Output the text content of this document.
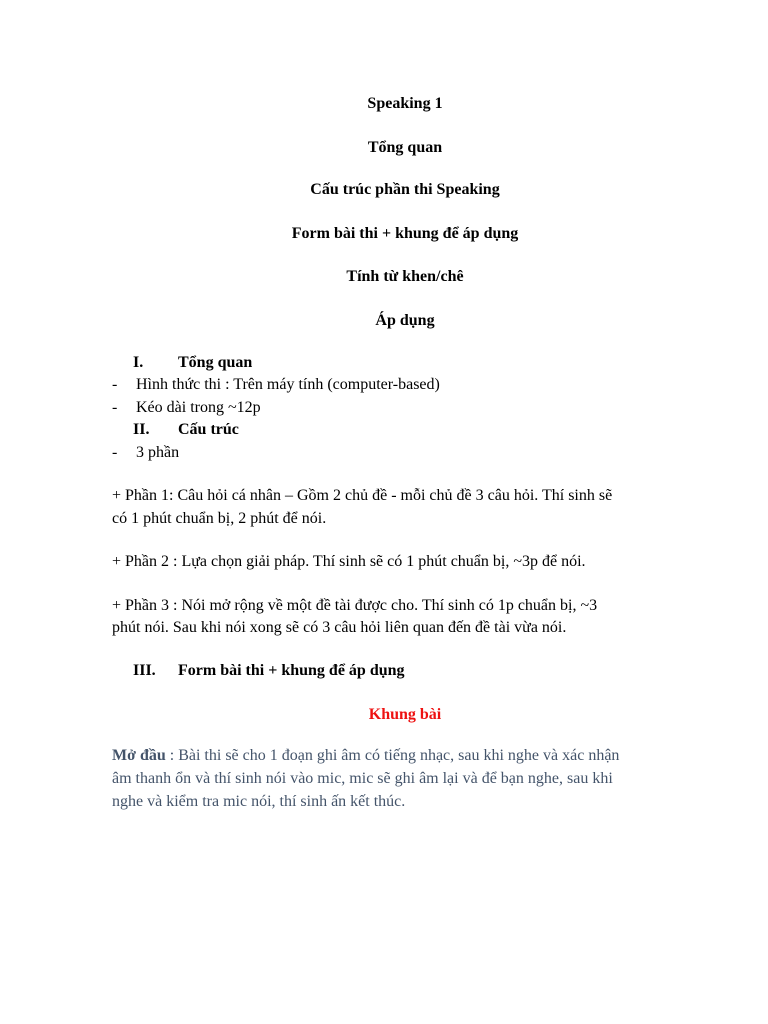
Speaking 1
Tổng quan
Cấu trúc phần thi Speaking
Form bài thi + khung để áp dụng
Tính từ khen/chê
Áp dụng
I. Tổng quan
- Hình thức thi : Trên máy tính (computer-based)
- Kéo dài trong ~12p
II. Cấu trúc
- 3 phần
+ Phần 1: Câu hỏi cá nhân – Gồm 2 chủ đề - mỗi chủ đề 3 câu hỏi. Thí sinh sẽ
có 1 phút chuẩn bị, 2 phút để nói.
+ Phần 2 : Lựa chọn giải pháp. Thí sinh sẽ có 1 phút chuẩn bị, ~3p để nói.
+ Phần 3 : Nói mở rộng về một đề tài được cho. Thí sinh có 1p chuẩn bị, ~3
phút nói. Sau khi nói xong sẽ có 3 câu hỏi liên quan đến đề tài vừa nói.
III. Form bài thi + khung để áp dụng
Khung bài
Mở đầu : Bài thi sẽ cho 1 đoạn ghi âm có tiếng nhạc, sau khi nghe và xác nhận
âm thanh ổn và thí sinh nói vào mic, mic sẽ ghi âm lại và để bạn nghe, sau khi
nghe và kiểm tra mic nói, thí sinh ấn kết thúc.
